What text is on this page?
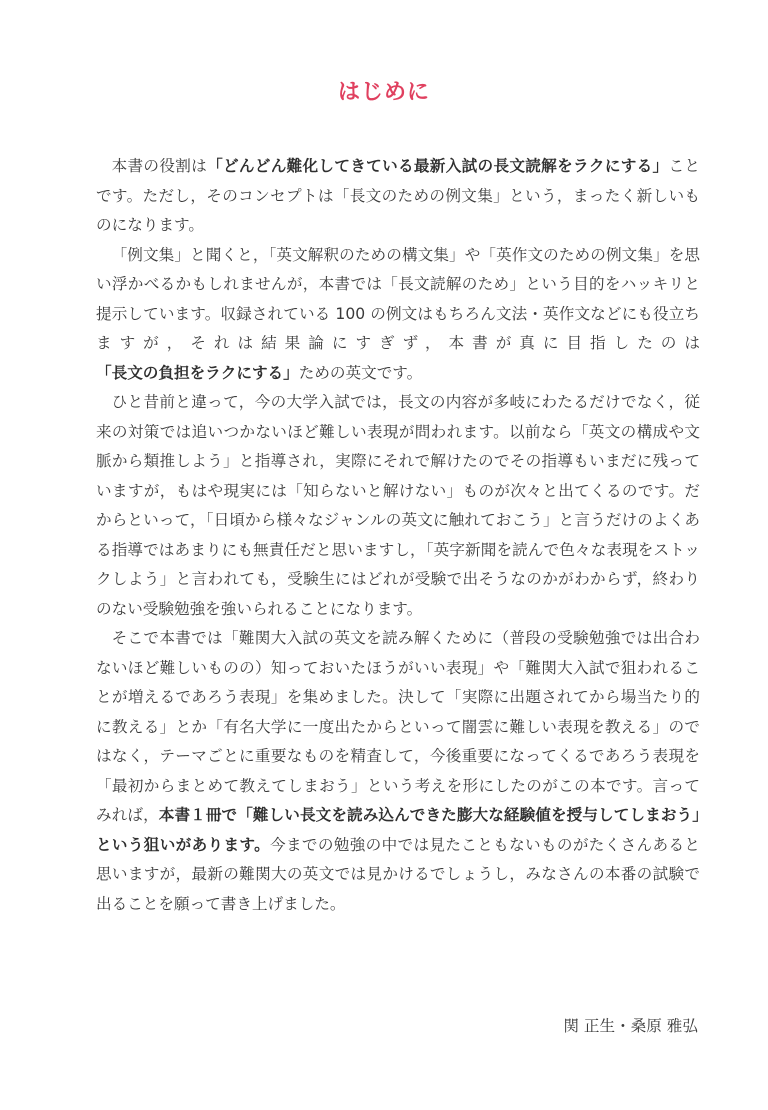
はじめに

本書の役割は「どんどん難化してきている最新入試の長文読解をラクにする」ことです。ただし，そのコンセプトは「長文のための例文集」という，まったく新しいものになります。

「例文集」と聞くと，「英文解釈のための構文集」や「英作文のための例文集」を思い浮かべるかもしれませんが，本書では「長文読解のため」という目的をハッキリと提示しています。収録されている 100 の例文はもちろん文法・英作文などにも役立ちますが，それは結果論にすぎず，本書が真に目指したのは「長文の負担をラクにする」ための英文です。

ひと昔前と違って，今の大学入試では，長文の内容が多岐にわたるだけでなく，従来の対策では追いつかないほど難しい表現が問われます。以前なら「英文の構成や文脈から類推しよう」と指導され，実際にそれで解けたのでその指導もいまだに残っていますが，もはや現実には「知らないと解けない」ものが次々と出てくるのです。だからといって，「日頃から様々なジャンルの英文に触れておこう」と言うだけのよくある指導ではあまりにも無責任だと思いますし，「英字新聞を読んで色々な表現をストックしよう」と言われても，受験生にはどれが受験で出そうなのかがわからず，終わりのない受験勉強を強いられることになります。

そこで本書では「難関大入試の英文を読み解くために（普段の受験勉強では出合わないほど難しいものの）知っておいたほうがいい表現」や「難関大入試で狙われることが増えるであろう表現」を集めました。決して「実際に出題されてから場当たり的に教える」とか「有名大学に一度出たからといって闇雲に難しい表現を教える」のではなく，テーマごとに重要なものを精査して，今後重要になってくるであろう表現を「最初からまとめて教えてしまおう」という考えを形にしたのがこの本です。言ってみれば，本書１冊で「難しい長文を読み込んできた膨大な経験値を授与してしまおう」という狙いがあります。今までの勉強の中では見たこともないものがたくさんあると思いますが，最新の難関大の英文では見かけるでしょうし，みなさんの本番の試験で出ることを願って書き上げました。

関 正生・桑原 雅弘
